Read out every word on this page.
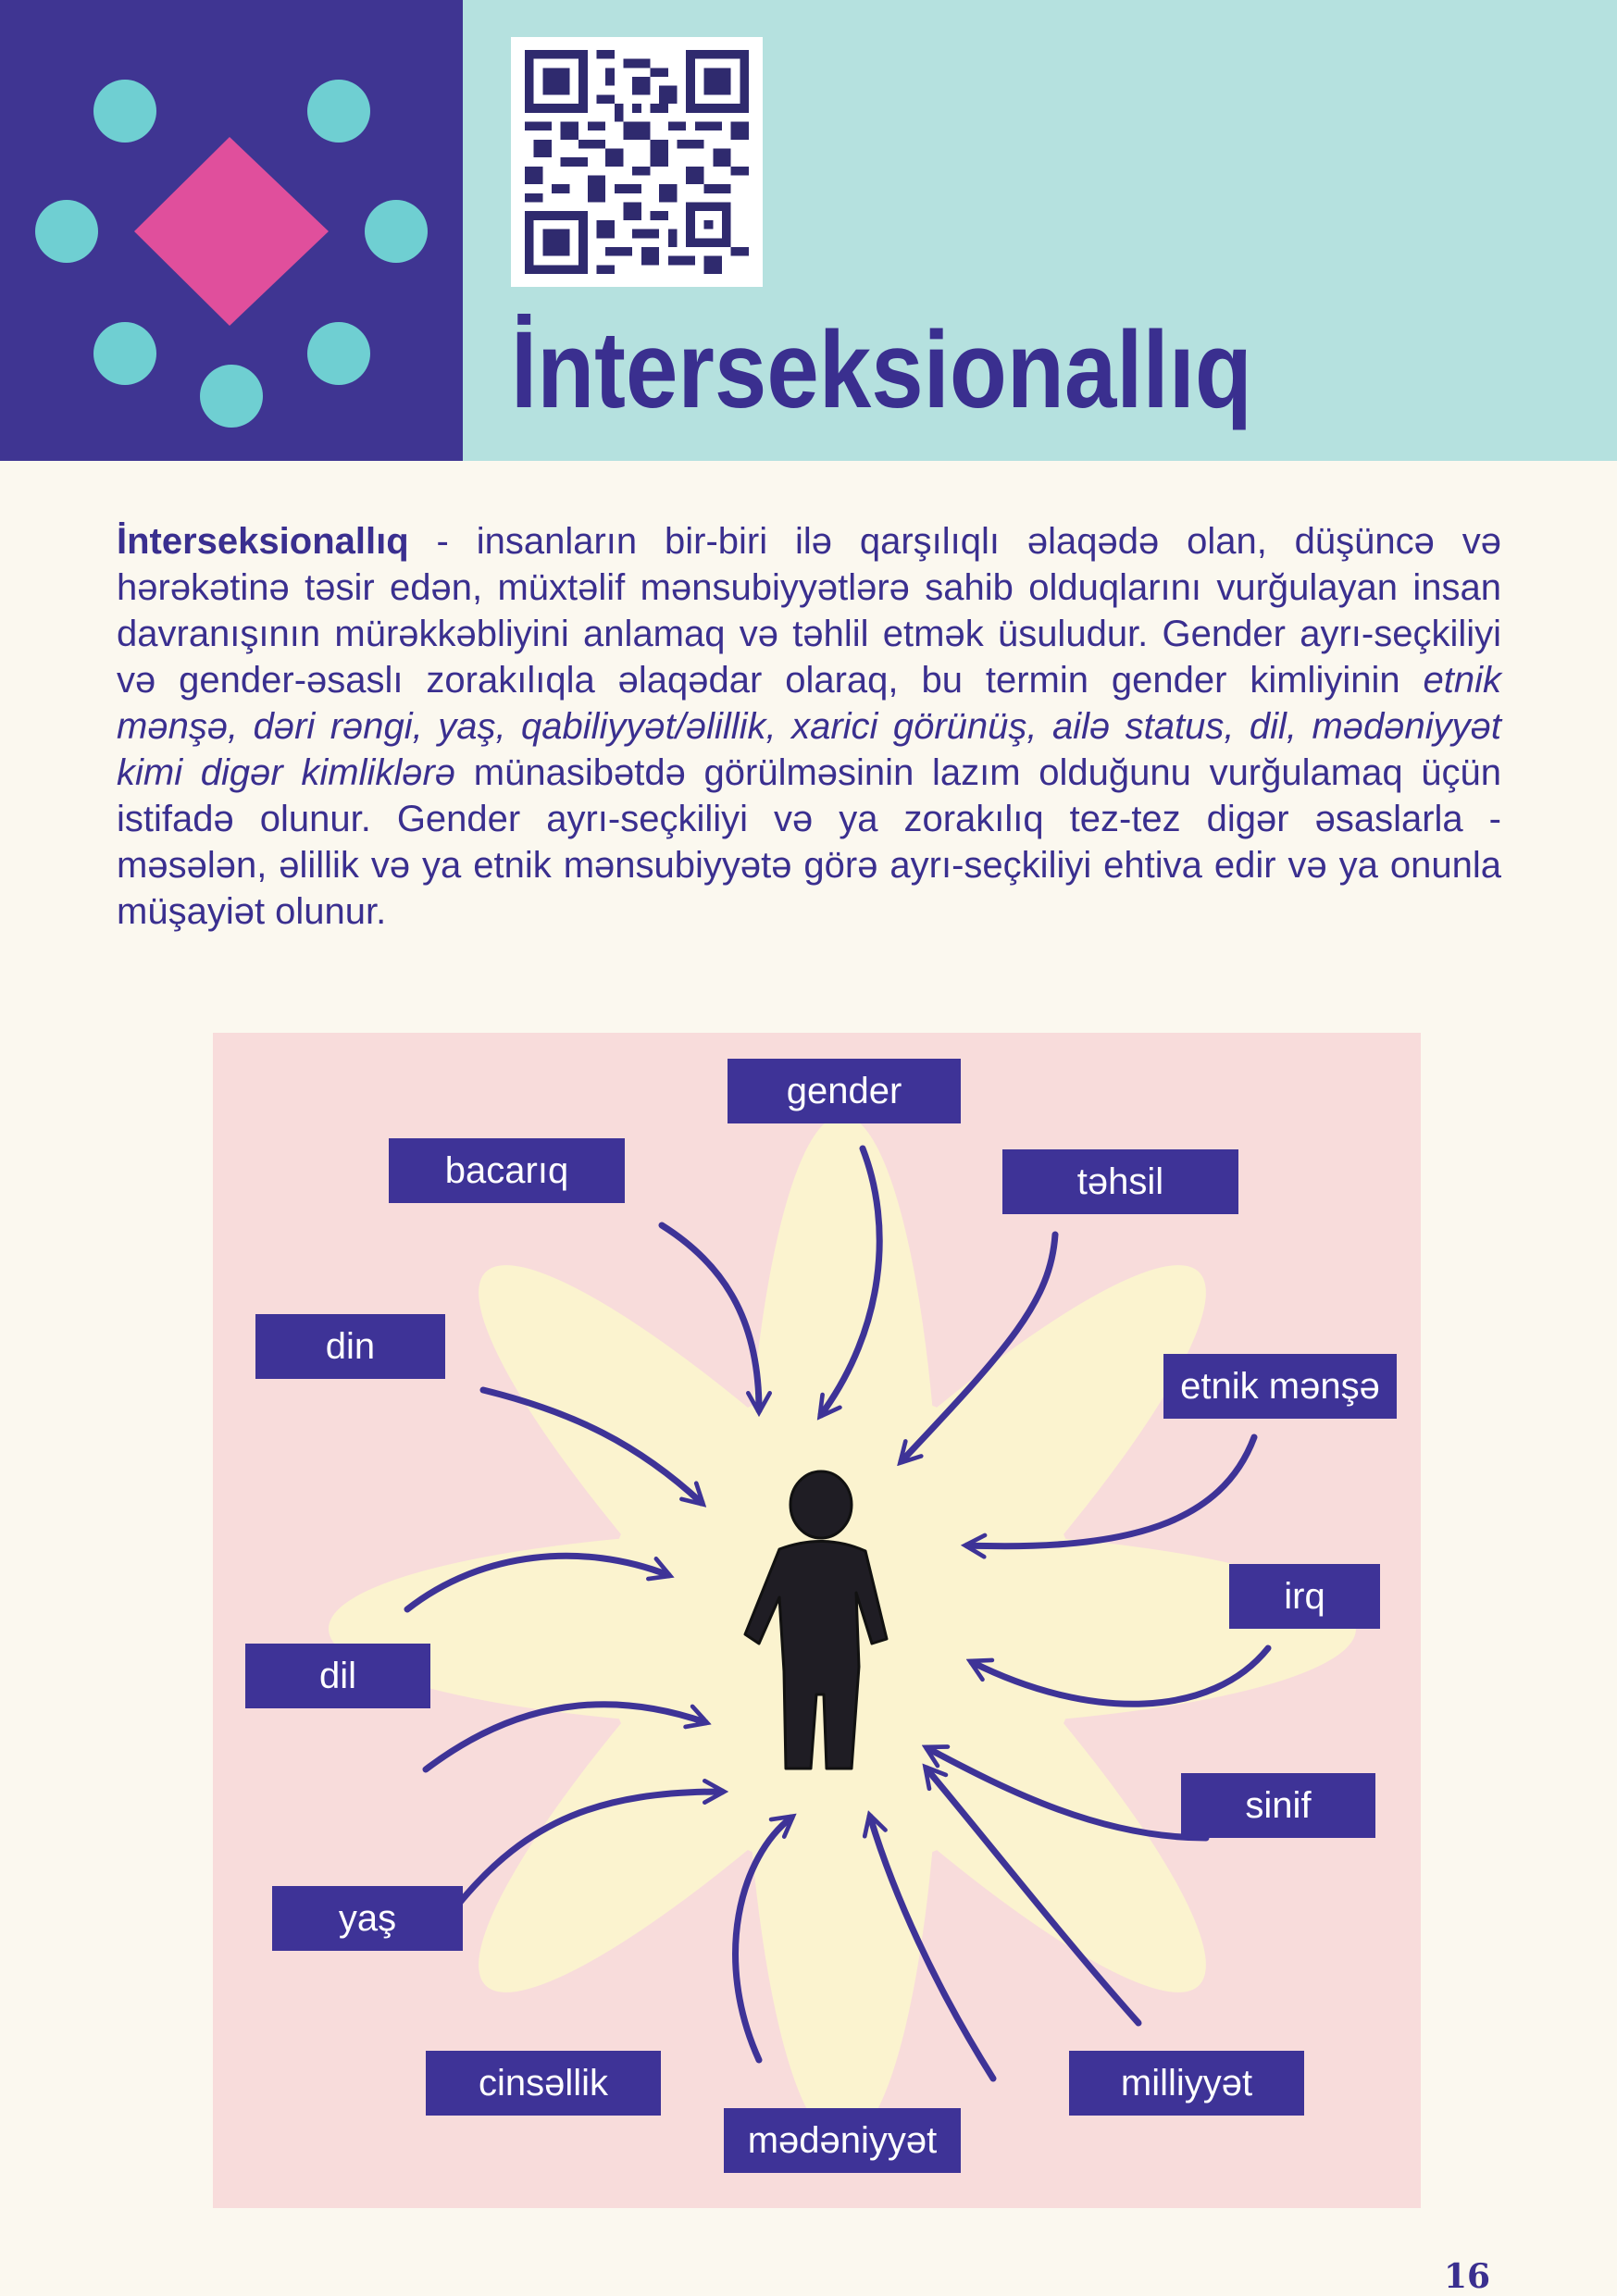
İnterseksionallıq

İnterseksionallıq - insanların bir-biri ilə qarşılıqlı əlaqədə olan, düşüncə və hərəkətinə təsir edən, müxtəlif mənsubiyyətlərə sahib olduqlarını vurğulayan insan davranışının mürəkkəbliyini anlamaq və təhlil etmək üsuludur. Gender ayrı-seçkiliyi və gender-əsaslı zorakılıqla əlaqədar olaraq, bu termin gender kimliyinin etnik mənşə, dəri rəngi, yaş, qabiliyyət/əlillik, xarici görünüş, ailə status, dil, mədəniyyət kimi digər kimliklərə münasibətdə görülməsinin lazım olduğunu vurğulamaq üçün istifadə olunur. Gender ayrı-seçkiliyi və ya zorakılıq tez-tez digər əsaslarla - məsələn, əlillik və ya etnik mənsubiyyətə görə ayrı-seçkiliyi ehtiva edir və ya onunla müşayiət olunur.

gender
bacarıq	təhsil
din
etnik mənşə
irq
dil
sinif
yaş
cinsəllik	milliyyət
mədəniyyət
16
